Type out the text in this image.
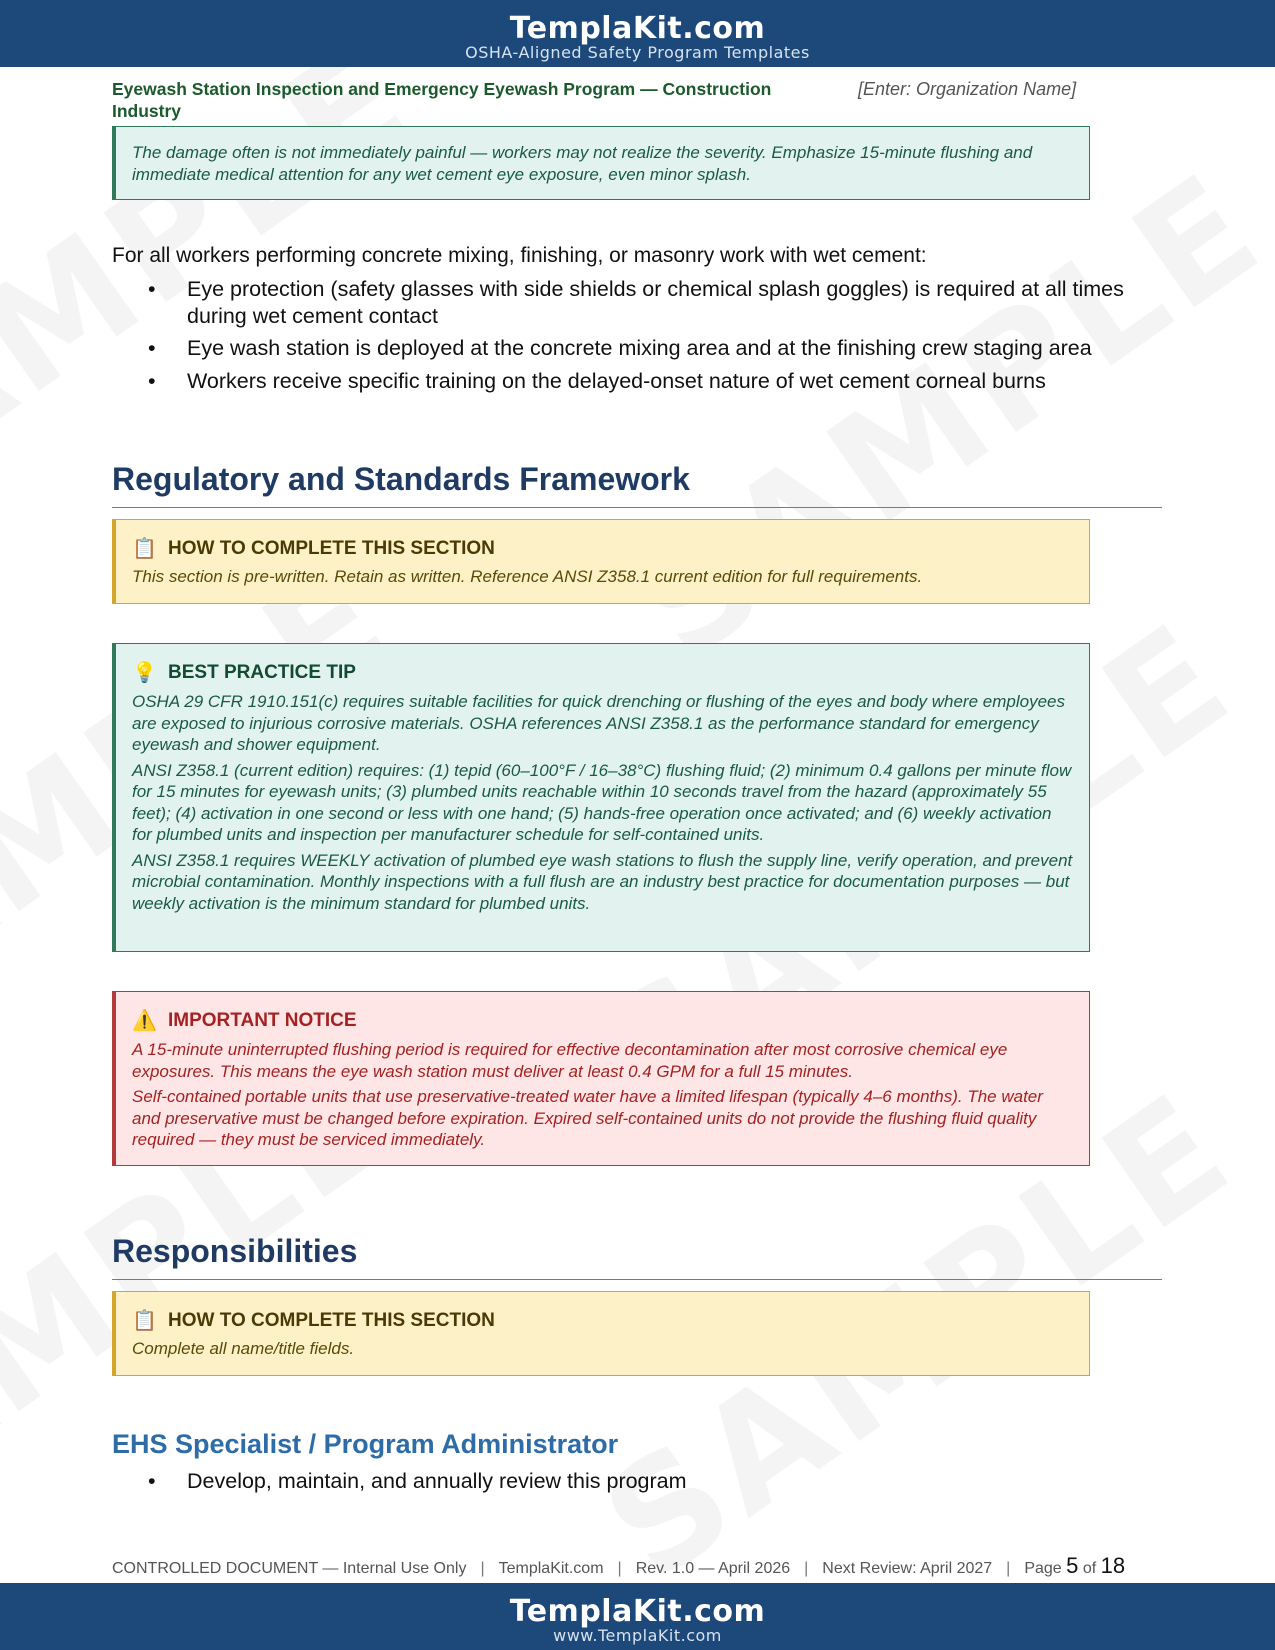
TemplaKit.com
OSHA-Aligned Safety Program Templates
Eyewash Station Inspection and Emergency Eyewash Program — Construction Industry
[Enter: Organization Name]

The damage often is not immediately painful — workers may not realize the severity. Emphasize 15-minute flushing and immediate medical attention for any wet cement eye exposure, even minor splash.

For all workers performing concrete mixing, finishing, or masonry work with wet cement:
• Eye protection (safety glasses with side shields or chemical splash goggles) is required at all times during wet cement contact
• Eye wash station is deployed at the concrete mixing area and at the finishing crew staging area
• Workers receive specific training on the delayed-onset nature of wet cement corneal burns
Regulatory and Standards Framework
📋 HOW TO COMPLETE THIS SECTION

This section is pre-written. Retain as written. Reference ANSI Z358.1 current edition for full requirements.

💡 BEST PRACTICE TIP

OSHA 29 CFR 1910.151(c) requires suitable facilities for quick drenching or flushing of the eyes and body where employees are exposed to injurious corrosive materials. OSHA references ANSI Z358.1 as the performance standard for emergency eyewash and shower equipment.

ANSI Z358.1 (current edition) requires: (1) tepid (60–100°F / 16–38°C) flushing fluid; (2) minimum 0.4 gallons per minute flow for 15 minutes for eyewash units; (3) plumbed units reachable within 10 seconds travel from the hazard (approximately 55 feet); (4) activation in one second or less with one hand; (5) hands-free operation once activated; and (6) weekly activation for plumbed units and inspection per manufacturer schedule for self-contained units.

ANSI Z358.1 requires WEEKLY activation of plumbed eye wash stations to flush the supply line, verify operation, and prevent microbial contamination. Monthly inspections with a full flush are an industry best practice for documentation purposes — but weekly activation is the minimum standard for plumbed units.

⚠️ IMPORTANT NOTICE

A 15-minute uninterrupted flushing period is required for effective decontamination after most corrosive chemical eye exposures. This means the eye wash station must deliver at least 0.4 GPM for a full 15 minutes.

Self-contained portable units that use preservative-treated water have a limited lifespan (typically 4–6 months). The water and preservative must be changed before expiration. Expired self-contained units do not provide the flushing fluid quality required — they must be serviced immediately.

Responsibilities
📋 HOW TO COMPLETE THIS SECTION

Complete all name/title fields.

EHS Specialist / Program Administrator
• Develop, maintain, and annually review this program
CONTROLLED DOCUMENT — Internal Use Only | TemplaKit.com | Rev. 1.0 — April 2026 | Next Review: April 2027 | Page 5 of 18
TemplaKit.com
www.TemplaKit.com
